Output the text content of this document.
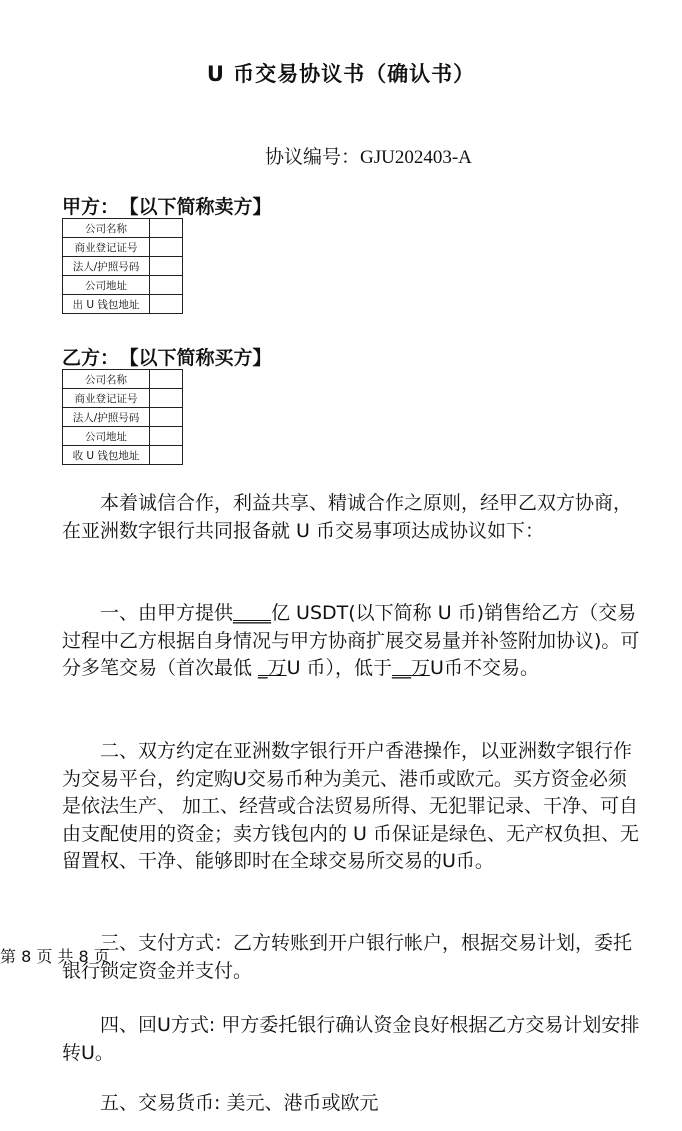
U 币交易协议书（确认书）
协议编号：GJU202403-A
甲方： 【以下简称卖方】
公司名称	
商业登记证号	
法人/护照号码	
公司地址	
出 U 钱包地址	
乙方： 【以下简称买方】
公司名称	
商业登记证号	
法人/护照号码	
公司地址	
收 U 钱包地址	
本着诚信合作，利益共享、精诚合作之原则，经甲乙双方协商，在亚洲数字银行共同报备就 U 币交易事项达成协议如下：
一、由甲方提供____亿 USDT(以下简称 U 币)销售给乙方（交易过程中乙方根据自身情况与甲方协商扩展交易量并补签附加协议)。可分多笔交易（首次最低 _万U 币），低于__万U币不交易。
二、双方约定在亚洲数字银行开户香港操作，以亚洲数字银行作为交易平台，约定购U交易币种为美元、港币或欧元。买方资金必须是依法生产、 加工、经营或合法贸易所得、无犯罪记录、干净、可自由支配使用的资金；卖方钱包内的 U 币保证是绿色、无产权负担、无留置权、干净、能够即时在全球交易所交易的U币。
三、支付方式：乙方转账到开户银行帐户，根据交易计划，委托银行锁定资金并支付。
四、回U方式: 甲方委托银行确认资金良好根据乙方交易计划安排转U。
五、交易货币: 美元、港币或欧元
第 8 页 共 8 页
